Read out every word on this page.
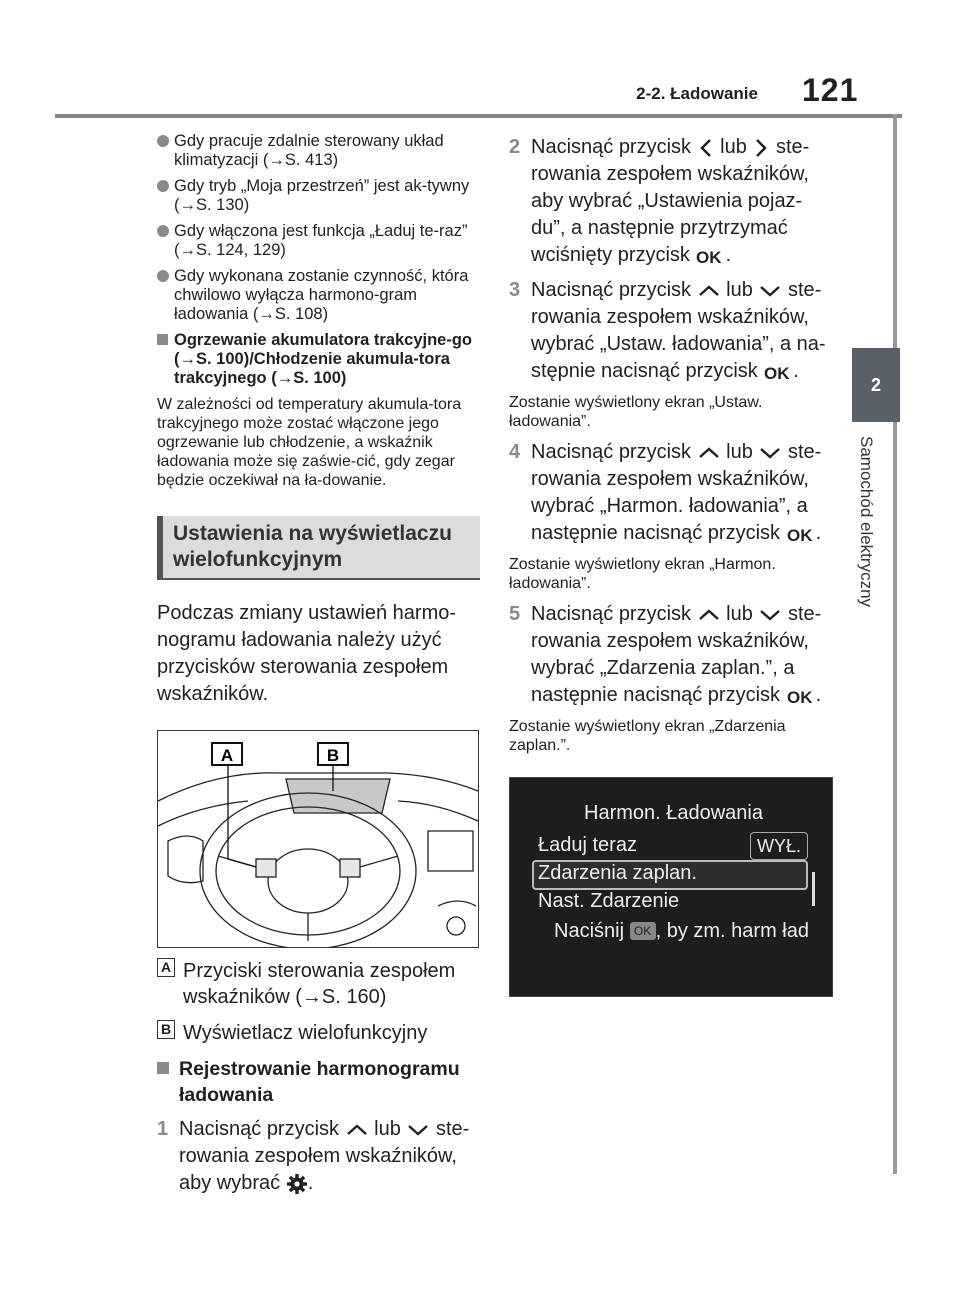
2-2. Ładowanie 121
2
Samochód elektryczny
Gdy pracuje zdalnie sterowany układ klimatyzacji (→S. 413)
Gdy tryb „Moja przestrzeń” jest ak-tywny (→S. 130)
Gdy włączona jest funkcja „Ładuj te-raz” (→S. 124, 129)
Gdy wykonana zostanie czynność, która chwilowo wyłącza harmono-gram ładowania (→S. 108)
Ogrzewanie akumulatora trakcyjne-go (→S. 100)/Chłodzenie akumula-tora trakcyjnego (→S. 100)
W zależności od temperatury akumula-tora trakcyjnego może zostać włączone jego ogrzewanie lub chłodzenie, a wskaźnik ładowania może się zaświe-cić, gdy zegar będzie oczekiwał na ła-dowanie.
Ustawienia na wyświetlaczu wielofunkcyjnym
Podczas zmiany ustawień harmo-nogramu ładowania należy użyć przycisków sterowania zespołem wskaźników.
A	B
A Przyciski sterowania zespołem wskaźników (→S. 160)
B Wyświetlacz wielofunkcyjny
Rejestrowanie harmonogramu ładowania
1 Nacisnąć przycisk lub ste-rowania zespołem wskaźników, aby wybrać .
2 Nacisnąć przycisk lub ste-rowania zespołem wskaźników, aby wybrać „Ustawienia pojaz-du”, a następnie przytrzymać wciśnięty przycisk OK .
3 Nacisnąć przycisk lub ste-rowania zespołem wskaźników, wybrać „Ustaw. ładowania”, a na-stępnie nacisnąć przycisk OK .
Zostanie wyświetlony ekran „Ustaw. ładowania”.
4 Nacisnąć przycisk lub ste-rowania zespołem wskaźników, wybrać „Harmon. ładowania”, a następnie nacisnąć przycisk OK .
Zostanie wyświetlony ekran „Harmon. ładowania”.
5 Nacisnąć przycisk lub ste-rowania zespołem wskaźników, wybrać „Zdarzenia zaplan.”, a następnie nacisnąć przycisk OK .
Zostanie wyświetlony ekran „Zdarzenia zaplan.”.
Harmon. Ładowania
Ładuj teraz	WYŁ.
Zdarzenia zaplan.
Nast. Zdarzenie
Naciśnij OK , by zm. harm ład
